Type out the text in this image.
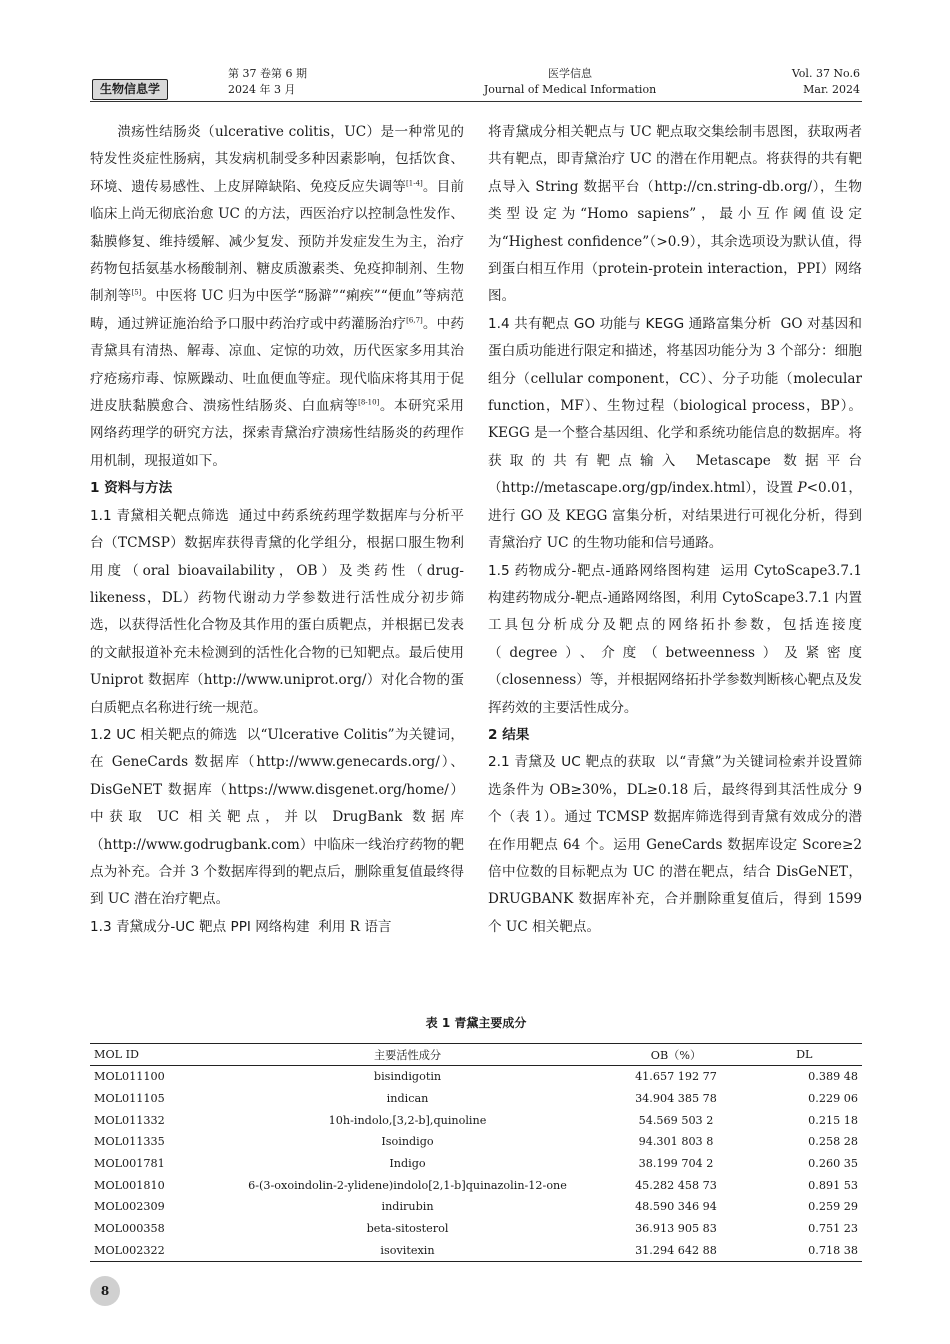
生物信息学
第 37 卷第 6 期
2024 年 3 月
医学信息
Journal of Medical Information
Vol. 37 No.6
Mar. 2024

溃疡性结肠炎（ulcerative colitis，UC）是一种常见的特发性炎症性肠病，其发病机制受多种因素影响，包括饮食、环境、遗传易感性、上皮屏障缺陷、免疫反应失调等[1-4]。目前临床上尚无彻底治愈 UC 的方法，西医治疗以控制急性发作、黏膜修复、维持缓解、减少复发、预防并发症发生为主，治疗药物包括氨基水杨酸制剂、糖皮质激素类、免疫抑制剂、生物制剂等[5]。中医将 UC 归为中医学“肠澼”“痢疾”“便血”等病范畴，通过辨证施治给予口服中药治疗或中药灌肠治疗[6,7]。中药青黛具有清热、解毒、凉血、定惊的功效，历代医家多用其治疗疮疡疖毒、惊厥躁动、吐血便血等症。现代临床将其用于促进皮肤黏膜愈合、溃疡性结肠炎、白血病等[8-10]。本研究采用网络药理学的研究方法，探索青黛治疗溃疡性结肠炎的药理作用机制，现报道如下。

1 资料与方法

1.1 青黛相关靶点筛选 通过中药系统药理学数据库与分析平台（TCMSP）数据库获得青黛的化学组分，根据口服生物利用度（oral bioavailability，OB）及类药性（drug-likeness，DL）药物代谢动力学参数进行活性成分初步筛选，以获得活性化合物及其作用的蛋白质靶点，并根据已发表的文献报道补充未检测到的活性化合物的已知靶点。最后使用 Uniprot 数据库（http://www.uniprot.org/）对化合物的蛋白质靶点名称进行统一规范。

1.2 UC 相关靶点的筛选 以“Ulcerative Colitis”为关键词，在 GeneCards 数据库（http://www.genecards.org/）、DisGeNET 数据库（https://www.disgenet.org/home/）中获取 UC 相关靶点，并以 DrugBank 数据库（http://www.godrugbank.com）中临床一线治疗药物的靶点为补充。合并 3 个数据库得到的靶点后，删除重复值最终得到 UC 潜在治疗靶点。

1.3 青黛成分-UC 靶点 PPI 网络构建 利用 R 语言

将青黛成分相关靶点与 UC 靶点取交集绘制韦恩图，获取两者共有靶点，即青黛治疗 UC 的潜在作用靶点。将获得的共有靶点导入 String 数据平台（http://cn.string-db.org/），生物类型设定为“Homo sapiens”，最小互作阈值设定为“Highest confidence”（>0.9），其余选项设为默认值，得到蛋白相互作用（protein-protein interaction，PPI）网络图。

1.4 共有靶点 GO 功能与 KEGG 通路富集分析 GO 对基因和蛋白质功能进行限定和描述，将基因功能分为 3 个部分：细胞组分（cellular component，CC）、分子功能（molecular function，MF）、生物过程（biological process，BP）。KEGG 是一个整合基因组、化学和系统功能信息的数据库。将获取的共有靶点输入 Metascape 数据平台（http://metascape.org/gp/index.html），设置 P<0.01，进行 GO 及 KEGG 富集分析，对结果进行可视化分析，得到青黛治疗 UC 的生物功能和信号通路。

1.5 药物成分-靶点-通路网络图构建 运用 CytoScape3.7.1 构建药物成分-靶点-通路网络图，利用 CytoScape3.7.1 内置工具包分析成分及靶点的网络拓扑参数，包括连接度（degree）、介度（betweenness）及紧密度（closenness）等，并根据网络拓扑学参数判断核心靶点及发挥药效的主要活性成分。

2 结果

2.1 青黛及 UC 靶点的获取 以“青黛”为关键词检索并设置筛选条件为 OB≥30%，DL≥0.18 后，最终得到其活性成分 9 个（表 1）。通过 TCMSP 数据库筛选得到青黛有效成分的潜在作用靶点 64 个。运用 GeneCards 数据库设定 Score≥2 倍中位数的目标靶点为 UC 的潜在靶点，结合 DisGeNET，DRUGBANK 数据库补充，合并删除重复值后，得到 1599 个 UC 相关靶点。

表 1 青黛主要成分
MOL ID	主要活性成分	OB（%）	DL
MOL011100	bisindigotin	41.657 192 77	0.389 48
MOL011105	indican	34.904 385 78	0.229 06
MOL011332	10h-indolo,[3,2-b],quinoline	54.569 503 2	0.215 18
MOL011335	Isoindigo	94.301 803 8	0.258 28
MOL001781	Indigo	38.199 704 2	0.260 35
MOL001810	6-(3-oxoindolin-2-ylidene)indolo[2,1-b]quinazolin-12-one	45.282 458 73	0.891 53
MOL002309	indirubin	48.590 346 94	0.259 29
MOL000358	beta-sitosterol	36.913 905 83	0.751 23
MOL002322	isovitexin	31.294 642 88	0.718 38
8
